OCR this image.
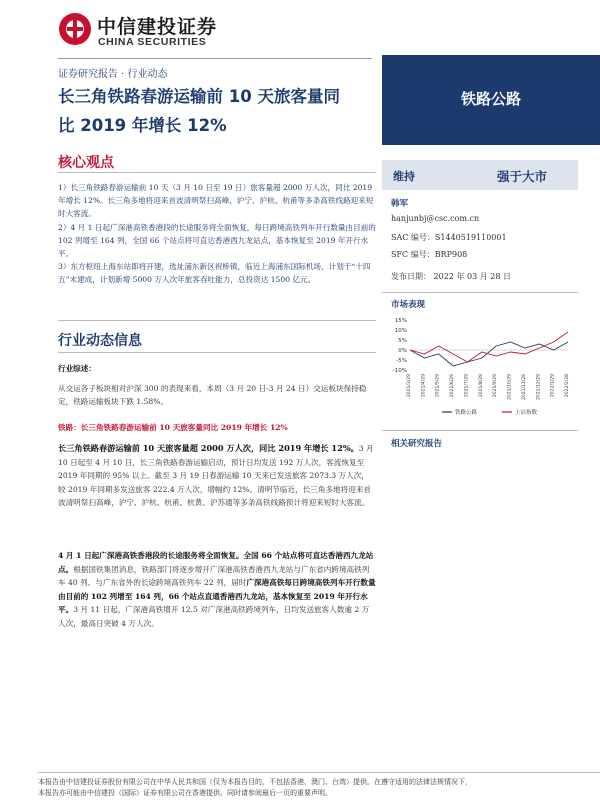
中信建投证券
CHINA SECURITIES
证券研究报告 · 行业动态
长三角铁路春游运输前 10 天旅客量同
比 2019 年增长 12%
核心观点

1）长三角铁路春游运输前 10 天（3 月 10 日至 19 日）旅客量超 2000 万人次，同比 2019 年增长 12%。长三角多地将迎来首波清明祭扫高峰，沪宁、沪杭、杭甬等多条高铁线路迎来短时大客流。

2）4 月 1 日起广深港高铁香港段的长途服务将全面恢复，每日跨境高铁列车开行数量由目前的 102 列增至 164 列，全国 66 个站点将可直达香港西九龙站点，基本恢复至 2019 年开行水平。

3）东方枢纽上海东站即将开建，选址浦东新区祝桥镇，临近上海浦东国际机场，计划于“十四五”末建成，计划新增 5000 万人次年旅客吞吐能力，总投资达 1500 亿元。

行业动态信息

行业综述：

从交运各子板块相对沪深 300 的表现来看，本周（3 月 20 日-3 月 24 日）交运板块保持稳定，铁路运输板块下跌 1.58%。

铁路：长三角铁路春游运输前 10 天旅客量同比 2019 年增长 12%

长三角铁路春游运输前 10 天旅客量超 2000 万人次，同比 2019 年增长 12%。3 月 10 日起至 4 月 10 日，长三角铁路春游运输启动，预计日均发送 192 万人次，客流恢复至 2019 年同期的 95% 以上。截至 3 月 19 日春游运输 10 天来已发送旅客 2073.3 万人次，较 2019 年同期多发送旅客 222.4 万人次，增幅约 12%。清明节临近，长三角多地将迎来首波清明祭扫高峰，沪宁、沪杭、杭甬、杭黄、沪苏通等多条高铁线路预计将迎来短时大客流。

4 月 1 日起广深港高铁香港段的长途服务将全面恢复。全国 66 个站点将可直达香港西九龙站点。根据国铁集团消息，铁路部门将逐步增开广深港高铁香港西九龙站与广东省内跨境高铁列车 40 列、与广东省外的长途跨境高铁列车 22 列，届时广深港高铁每日跨境高铁列车开行数量由目前的 102 列增至 164 列，66 个站点直通香港西九龙站，基本恢复至 2019 年开行水平。3 月 11 日起，广深港高铁增开 12.5 对广深港高铁跨境列车，日均发送旅客人数逾 2 万人次，最高日突破 4 万人次。

铁路公路
维持	强于大市
韩军
hanjunbj@csc.com.cn
SAC 编号：S1440519110001
SFC 编号：BRP908
发布日期： 2022 年 03 月 28 日
市场表现
15%
10%
5%
0%
-5%
-10%
2021/3/29 2021/4/29 2021/5/29 2021/6/29 2021/7/29 2021/8/29 2021/9/29 2021/10/29 2021/11/29 2021/12/29 2022/1/29 2022/2/28
铁路公路	上证指数
相关研究报告
本报告由中信建投证券股份有限公司在中华人民共和国（仅为本报告目的，不包括香港、澳门、台湾）提供。在遵守适用的法律法规情况下，
本报告亦可能由中信建投（国际）证券有限公司在香港提供。同时请参阅最后一页的重要声明。
